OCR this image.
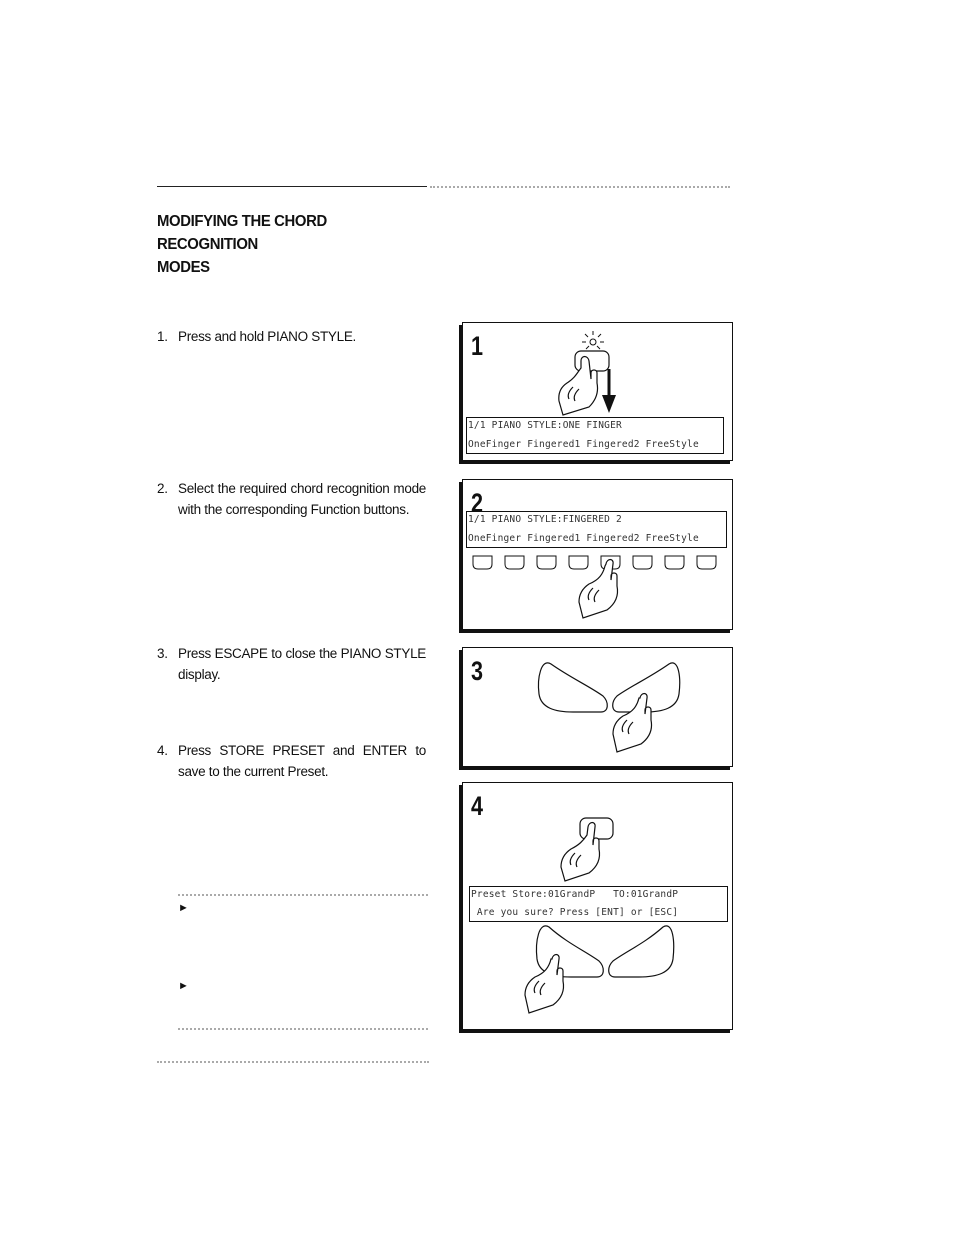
MODIFYING THE CHORD RECOGNITION
MODES
1. Press and hold PIANO STYLE.
2. Select the required chord recognition mode with the corresponding Function buttons.
3. Press ESCAPE to close the PIANO STYLE display.
4. Press STORE PRESET and ENTER to save to the current Preset.
►
►
1
1/1 PIANO STYLE:ONE FINGER
OneFinger Fingered1 Fingered2 FreeStyle
2
1/1 PIANO STYLE:FINGERED 2
OneFinger Fingered1 Fingered2 FreeStyle
3
4
Preset Store:01GrandP   TO:01GrandP
Are you sure? Press [ENT] or [ESC]
